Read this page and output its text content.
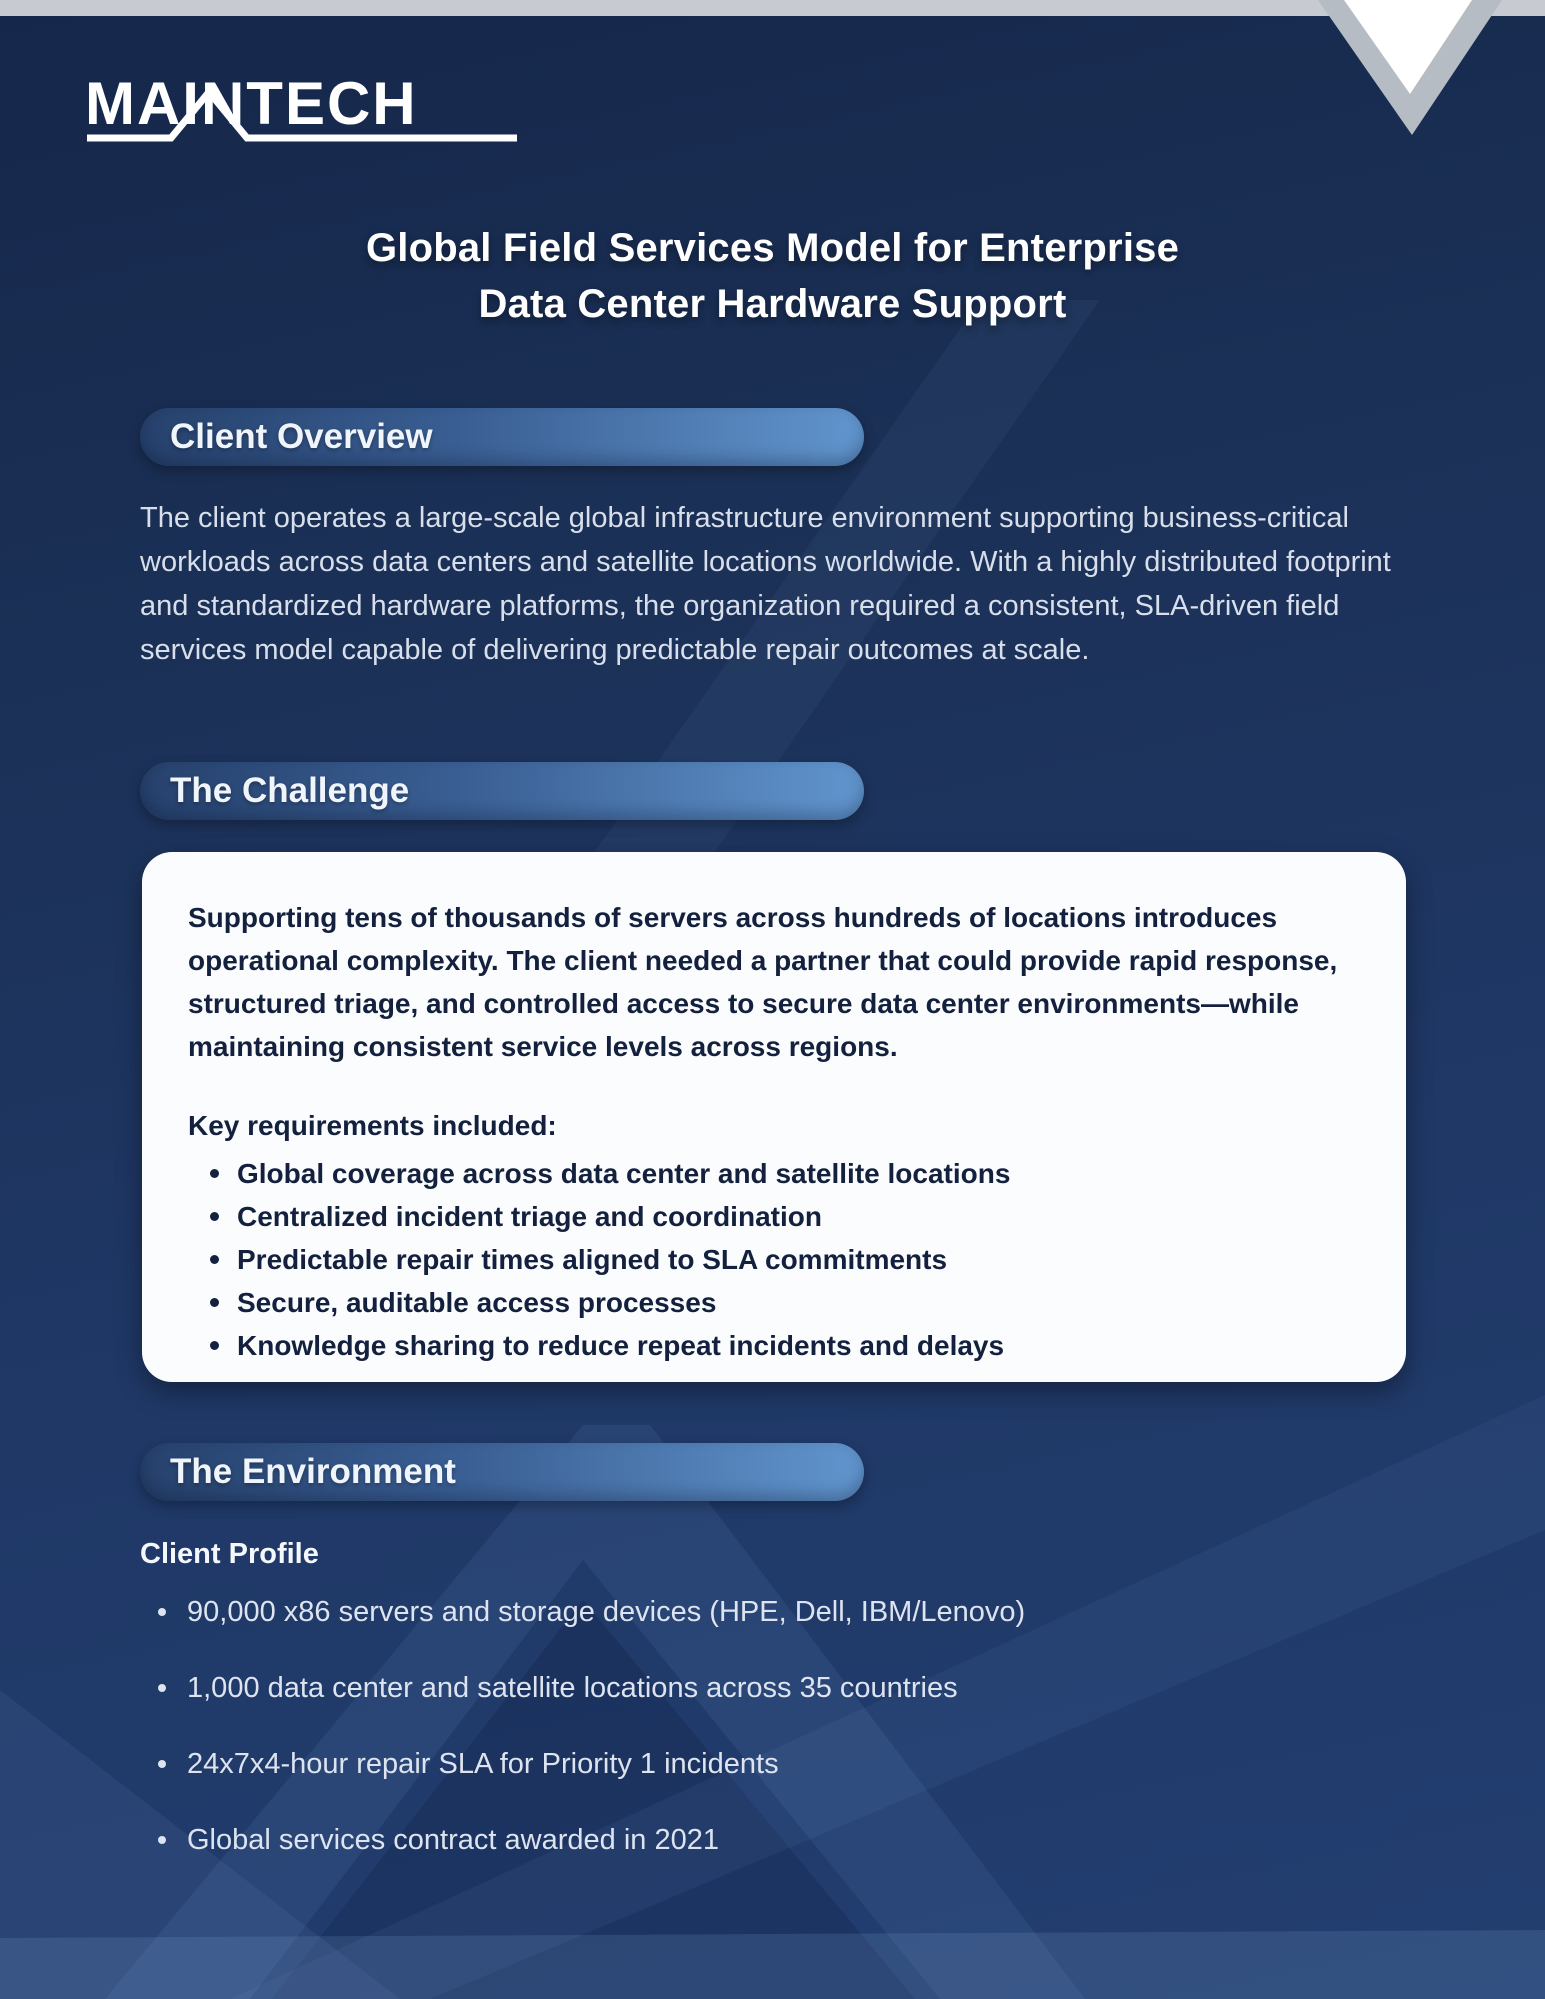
MAINTECH
Global Field Services Model for Enterprise
Data Center Hardware Support
Client Overview
The client operates a large-scale global infrastructure environment supporting business-critical workloads across data centers and satellite locations worldwide. With a highly distributed footprint and standardized hardware platforms, the organization required a consistent, SLA-driven field services model capable of delivering predictable repair outcomes at scale.
The Challenge

Supporting tens of thousands of servers across hundreds of locations introduces operational complexity. The client needed a partner that could provide rapid response, structured triage, and controlled access to secure data center environments—while maintaining consistent service levels across regions.

Key requirements included:

Global coverage across data center and satellite locations
Centralized incident triage and coordination
Predictable repair times aligned to SLA commitments
Secure, auditable access processes
Knowledge sharing to reduce repeat incidents and delays
The Environment
Client Profile
90,000 x86 servers and storage devices (HPE, Dell, IBM/Lenovo)
1,000 data center and satellite locations across 35 countries
24x7x4-hour repair SLA for Priority 1 incidents
Global services contract awarded in 2021
